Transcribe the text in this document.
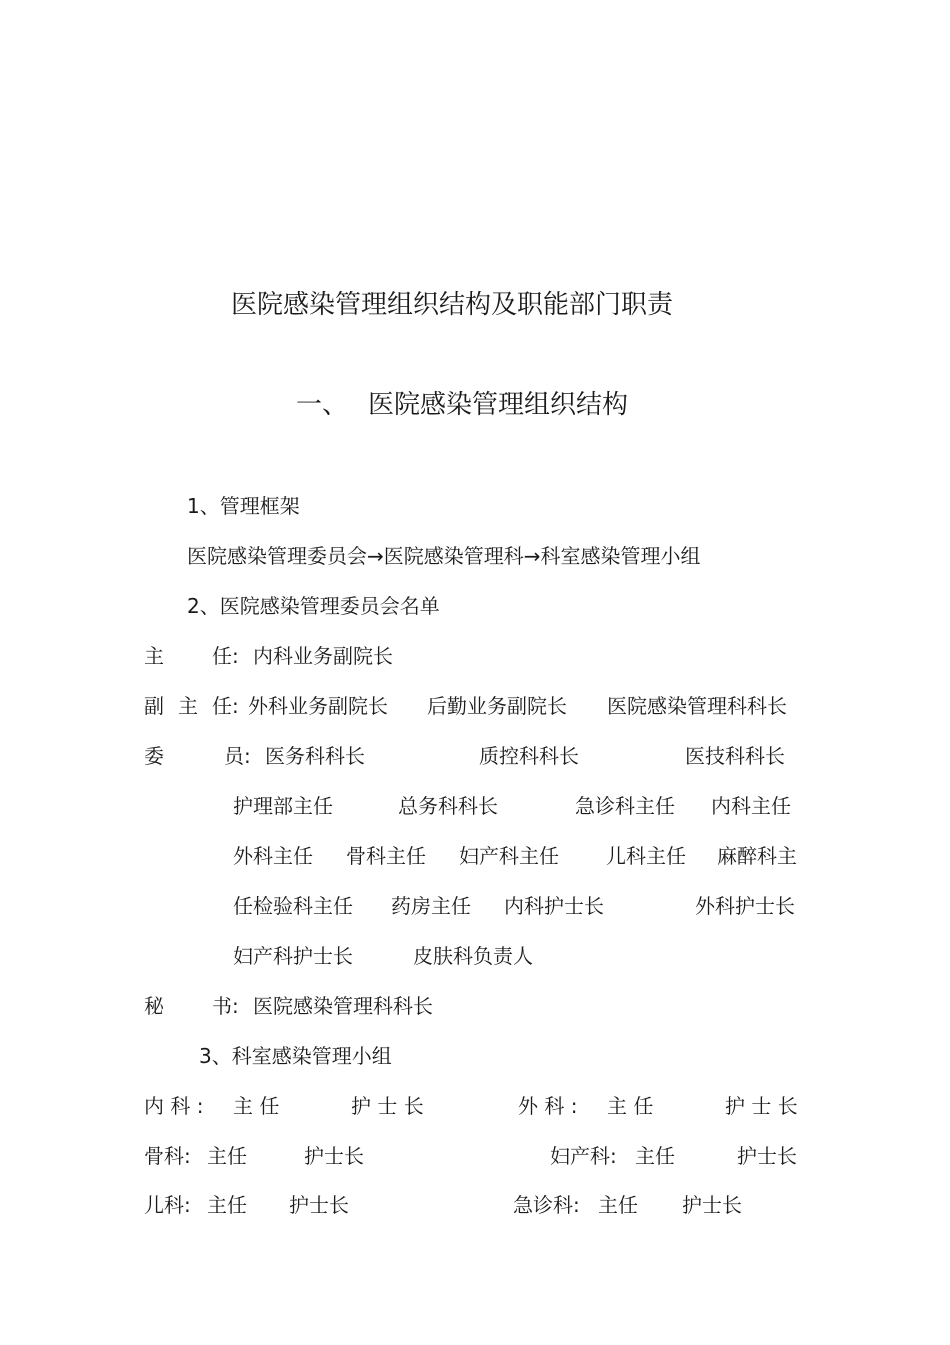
医院感染管理组织结构及职能部门职责
一、 医院感染管理组织结构
1、管理框架
医院感染管理委员会→医院感染管理科→科室感染管理小组
2、医院感染管理委员会名单
主 任: 内科业务副院长
副 主 任: 外科业务副院长 后勤业务副院长 医院感染管理科科长
委	员: 医务科科长	质控科科长	医技科科长
护理部主任	总务科科长	急诊科主任 内科主任
外科主任 骨科主任 妇产科主任 儿科主任 麻醉科主
任检验科主任 药房主任 内科护士长	外科护士长
妇产科护士长	皮肤科负责人
秘 书: 医院感染管理科科长
3、科室感染管理小组
内 科 : 主 任	护 士 长	外 科 : 主 任	护 士 长
骨科: 主任	护士长	妇产科: 主任	护士长
儿科: 主任 护士长	急诊科: 主任 护士长
